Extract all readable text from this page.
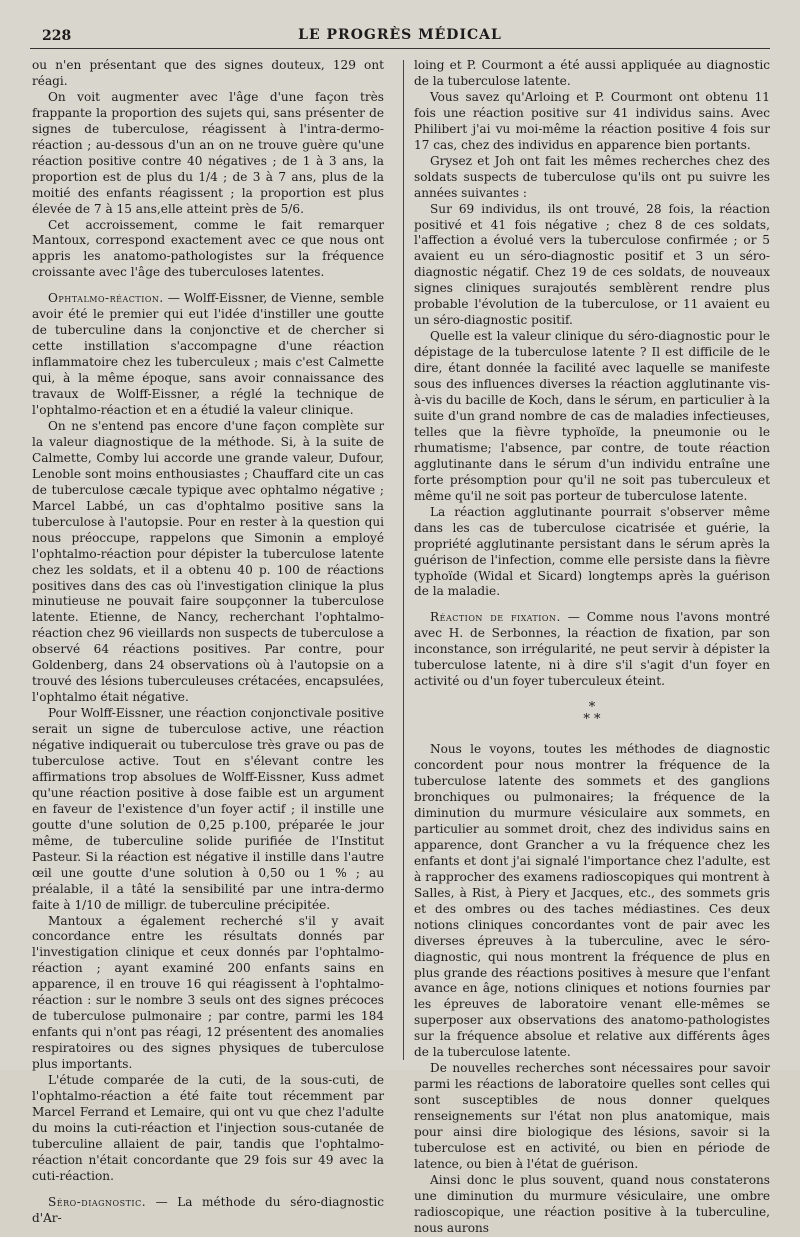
228	LE PROGRÈS MÉDICAL

ou n'en présentant que des signes douteux, 129 ont réagi.

On voit augmenter avec l'âge d'une façon très frappante la proportion des sujets qui, sans présenter de signes de tuberculose, réagissent à l'intra-dermo-réaction ; au-dessous d'un an on ne trouve guère qu'une réaction positive contre 40 négatives ; de 1 à 3 ans, la proportion est de plus du 1/4 ; de 3 à 7 ans, plus de la moitié des enfants réagissent ; la proportion est plus élevée de 7 à 15 ans,elle atteint près de 5/6.

Cet accroissement, comme le fait remarquer Mantoux, correspond exactement avec ce que nous ont appris les anatomo-pathologistes sur la fréquence croissante avec l'âge des tuberculoses latentes.

Ophtalmo-réaction. — Wolff-Eissner, de Vienne, semble avoir été le premier qui eut l'idée d'instiller une goutte de tuberculine dans la conjonctive et de chercher si cette instillation s'accompagne d'une réaction inflammatoire chez les tuberculeux ; mais c'est Calmette qui, à la même époque, sans avoir connaissance des travaux de Wolff-Eissner, a réglé la technique de l'ophtalmo-réaction et en a étudié la valeur clinique.

On ne s'entend pas encore d'une façon complète sur la valeur diagnostique de la méthode. Si, à la suite de Calmette, Comby lui accorde une grande valeur, Dufour, Lenoble sont moins enthousiastes ; Chauffard cite un cas de tuberculose cæcale typique avec ophtalmo négative ; Marcel Labbé, un cas d'ophtalmo positive sans la tuberculose à l'autopsie. Pour en rester à la question qui nous préoccupe, rappelons que Simonin a employé l'ophtalmo-réaction pour dépister la tuberculose latente chez les soldats, et il a obtenu 40 p. 100 de réactions positives dans des cas où l'investigation clinique la plus minutieuse ne pouvait faire soupçonner la tuberculose latente. Etienne, de Nancy, recherchant l'ophtalmo-réaction chez 96 vieillards non suspects de tuberculose a observé 64 réactions positives. Par contre, pour Goldenberg, dans 24 observations où à l'autopsie on a trouvé des lésions tuberculeuses crétacées, encapsulées, l'ophtalmo était négative.

Pour Wolff-Eissner, une réaction conjonctivale positive serait un signe de tuberculose active, une réaction négative indiquerait ou tuberculose très grave ou pas de tuberculose active. Tout en s'élevant contre les affirmations trop absolues de Wolff-Eissner, Kuss admet qu'une réaction positive à dose faible est un argument en faveur de l'existence d'un foyer actif ; il instille une goutte d'une solution de 0,25 p.100, préparée le jour même, de tuberculine solide purifiée de l'Institut Pasteur. Si la réaction est négative il instille dans l'autre œil une goutte d'une solution à 0,50 ou 1 % ; au préalable, il a tâté la sensibilité par une intra-dermo faite à 1/10 de milligr. de tuberculine précipitée.

Mantoux a également recherché s'il y avait concordance entre les résultats donnés par l'investigation clinique et ceux donnés par l'ophtalmo-réaction ; ayant examiné 200 enfants sains en apparence, il en trouve 16 qui réagissent à l'ophtalmo-réaction : sur le nombre 3 seuls ont des signes précoces de tuberculose pulmonaire ; par contre, parmi les 184 enfants qui n'ont pas réagi, 12 présentent des anomalies respiratoires ou des signes physiques de tuberculose plus importants.

L'étude comparée de la cuti, de la sous-cuti, de l'ophtalmo-réaction a été faite tout récemment par Marcel Ferrand et Lemaire, qui ont vu que chez l'adulte du moins la cuti-réaction et l'injection sous-cutanée de tuberculine allaient de pair, tandis que l'ophtalmo-réaction n'était concordante que 29 fois sur 49 avec la cuti-réaction.

Séro-diagnostic. — La méthode du séro-diagnostic d'Ar-

loing et P. Courmont a été aussi appliquée au diagnostic de la tuberculose latente.

Vous savez qu'Arloing et P. Courmont ont obtenu 11 fois une réaction positive sur 41 individus sains. Avec Philibert j'ai vu moi-même la réaction positive 4 fois sur 17 cas, chez des individus en apparence bien portants.

Grysez et Joh ont fait les mêmes recherches chez des soldats suspects de tuberculose qu'ils ont pu suivre les années suivantes :

Sur 69 individus, ils ont trouvé, 28 fois, la réaction positivé et 41 fois négative ; chez 8 de ces soldats, l'affection a évolué vers la tuberculose confirmée ; or 5 avaient eu un séro-diagnostic positif et 3 un séro-diagnostic négatif. Chez 19 de ces soldats, de nouveaux signes cliniques surajoutés semblèrent rendre plus probable l'évolution de la tuberculose, or 11 avaient eu un séro-diagnostic positif.

Quelle est la valeur clinique du séro-diagnostic pour le dépistage de la tuberculose latente ? Il est difficile de le dire, étant donnée la facilité avec laquelle se manifeste sous des influences diverses la réaction agglutinante vis-à-vis du bacille de Koch, dans le sérum, en particulier à la suite d'un grand nombre de cas de maladies infectieuses, telles que la fièvre typhoïde, la pneumonie ou le rhumatisme; l'absence, par contre, de toute réaction agglutinante dans le sérum d'un individu entraîne une forte présomption pour qu'il ne soit pas tuberculeux et même qu'il ne soit pas porteur de tuberculose latente.

La réaction agglutinante pourrait s'observer même dans les cas de tuberculose cicatrisée et guérie, la propriété agglutinante persistant dans le sérum après la guérison de l'infection, comme elle persiste dans la fièvre typhoïde (Widal et Sicard) longtemps après la guérison de la maladie.

Réaction de fixation. — Comme nous l'avons montré avec H. de Serbonnes, la réaction de fixation, par son inconstance, son irrégularité, ne peut servir à dépister la tuberculose latente, ni à dire s'il s'agit d'un foyer en activité ou d'un foyer tuberculeux éteint.

*
* *

Nous le voyons, toutes les méthodes de diagnostic concordent pour nous montrer la fréquence de la tuberculose latente des sommets et des ganglions bronchiques ou pulmonaires; la fréquence de la diminution du murmure vésiculaire aux sommets, en particulier au sommet droit, chez des individus sains en apparence, dont Grancher a vu la fréquence chez les enfants et dont j'ai signalé l'importance chez l'adulte, est à rapprocher des examens radioscopiques qui montrent à Salles, à Rist, à Piery et Jacques, etc., des sommets gris et des ombres ou des taches médiastines. Ces deux notions cliniques concordantes vont de pair avec les diverses épreuves à la tuberculine, avec le séro-diagnostic, qui nous montrent la fréquence de plus en plus grande des réactions positives à mesure que l'enfant avance en âge, notions cliniques et notions fournies par les épreuves de laboratoire venant elle-mêmes se superposer aux observations des anatomo-pathologistes sur la fréquence absolue et relative aux différents âges de la tuberculose latente.

De nouvelles recherches sont nécessaires pour savoir parmi les réactions de laboratoire quelles sont celles qui sont susceptibles de nous donner quelques renseignements sur l'état non plus anatomique, mais pour ainsi dire biologique des lésions, savoir si la tuberculose est en activité, ou bien en période de latence, ou bien à l'état de guérison.

Ainsi donc le plus souvent, quand nous constaterons une diminution du murmure vésiculaire, une ombre radioscopique, une réaction positive à la tuberculine, nous aurons
